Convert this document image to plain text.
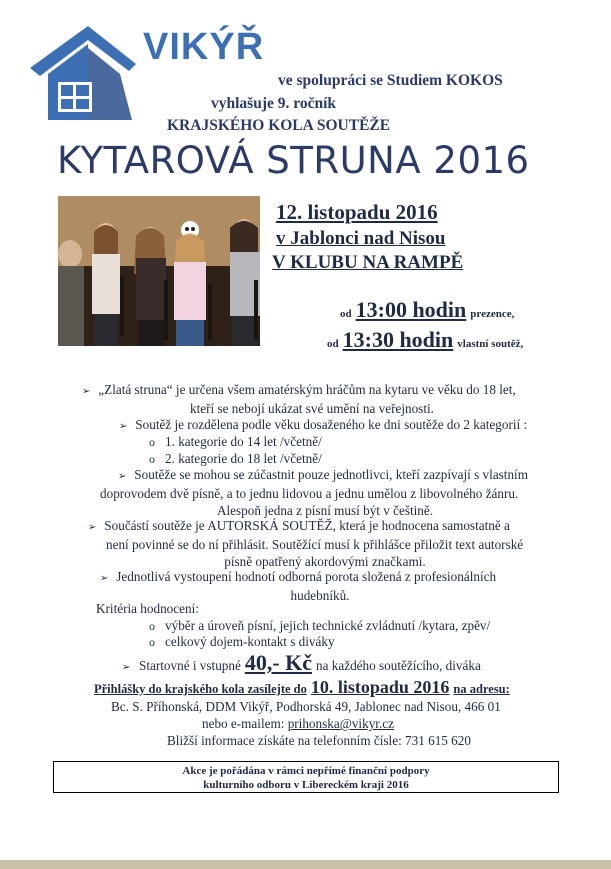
VIKÝŘ
ve spolupráci se Studiem KOKOS
vyhlašuje 9. ročník
KRAJSKÉHO KOLA SOUTĚŽE
KYTAROVÁ STRUNA 2016
12. listopadu 2016
v Jablonci nad Nisou
V KLUBU NA RAMPĚ
od 13:00 hodin prezence,
od 13:30 hodin vlastní soutěž,
➢ „Zlatá struna“ je určena všem amatérským hráčům na kytaru ve věku do 18 let,
kteří se nebojí ukázat své umění na veřejnosti.
➢ Soutěž je rozdělena podle věku dosaženého ke dni soutěže do 2 kategorií :
o 1. kategorie do 14 let /včetně/
o 2. kategorie do 18 let /včetně/
➢ Soutěže se mohou se zúčastnit pouze jednotlivci, kteří zazpívají s vlastním
doprovodem dvě písně, a to jednu lidovou a jednu umělou z libovolného žánru.
Alespoň jedna z písní musí být v češtině.
➢ Součástí soutěže je AUTORSKÁ SOUTĚŽ, která je hodnocena samostatně a
není povinné se do ní přihlásit. Soutěžící musí k přihlášce přiložit text autorské
písně opatřený akordovými značkami.
➢ Jednotlivá vystoupení hodnotí odborná porota složená z profesionálních
hudebníků.
Kritéria hodnocení:
o výběr a úroveň písní, jejich technické zvládnutí /kytara, zpěv/
o celkový dojem-kontakt s diváky
➢ Startovné i vstupné 40,- Kč na každého soutěžícího, diváka
Přihlášky do krajského kola zasílejte do 10. listopadu 2016 na adresu:
Bc. S. Příhonská, DDM Vikýř, Podhorská 49, Jablonec nad Nisou, 466 01
nebo e-mailem: prihonska@vikyr.cz
Bližší informace získáte na telefonním čísle: 731 615 620
Akce je pořádána v rámci nepřímé finanční podpory
kulturního odboru v Libereckém kraji 2016
